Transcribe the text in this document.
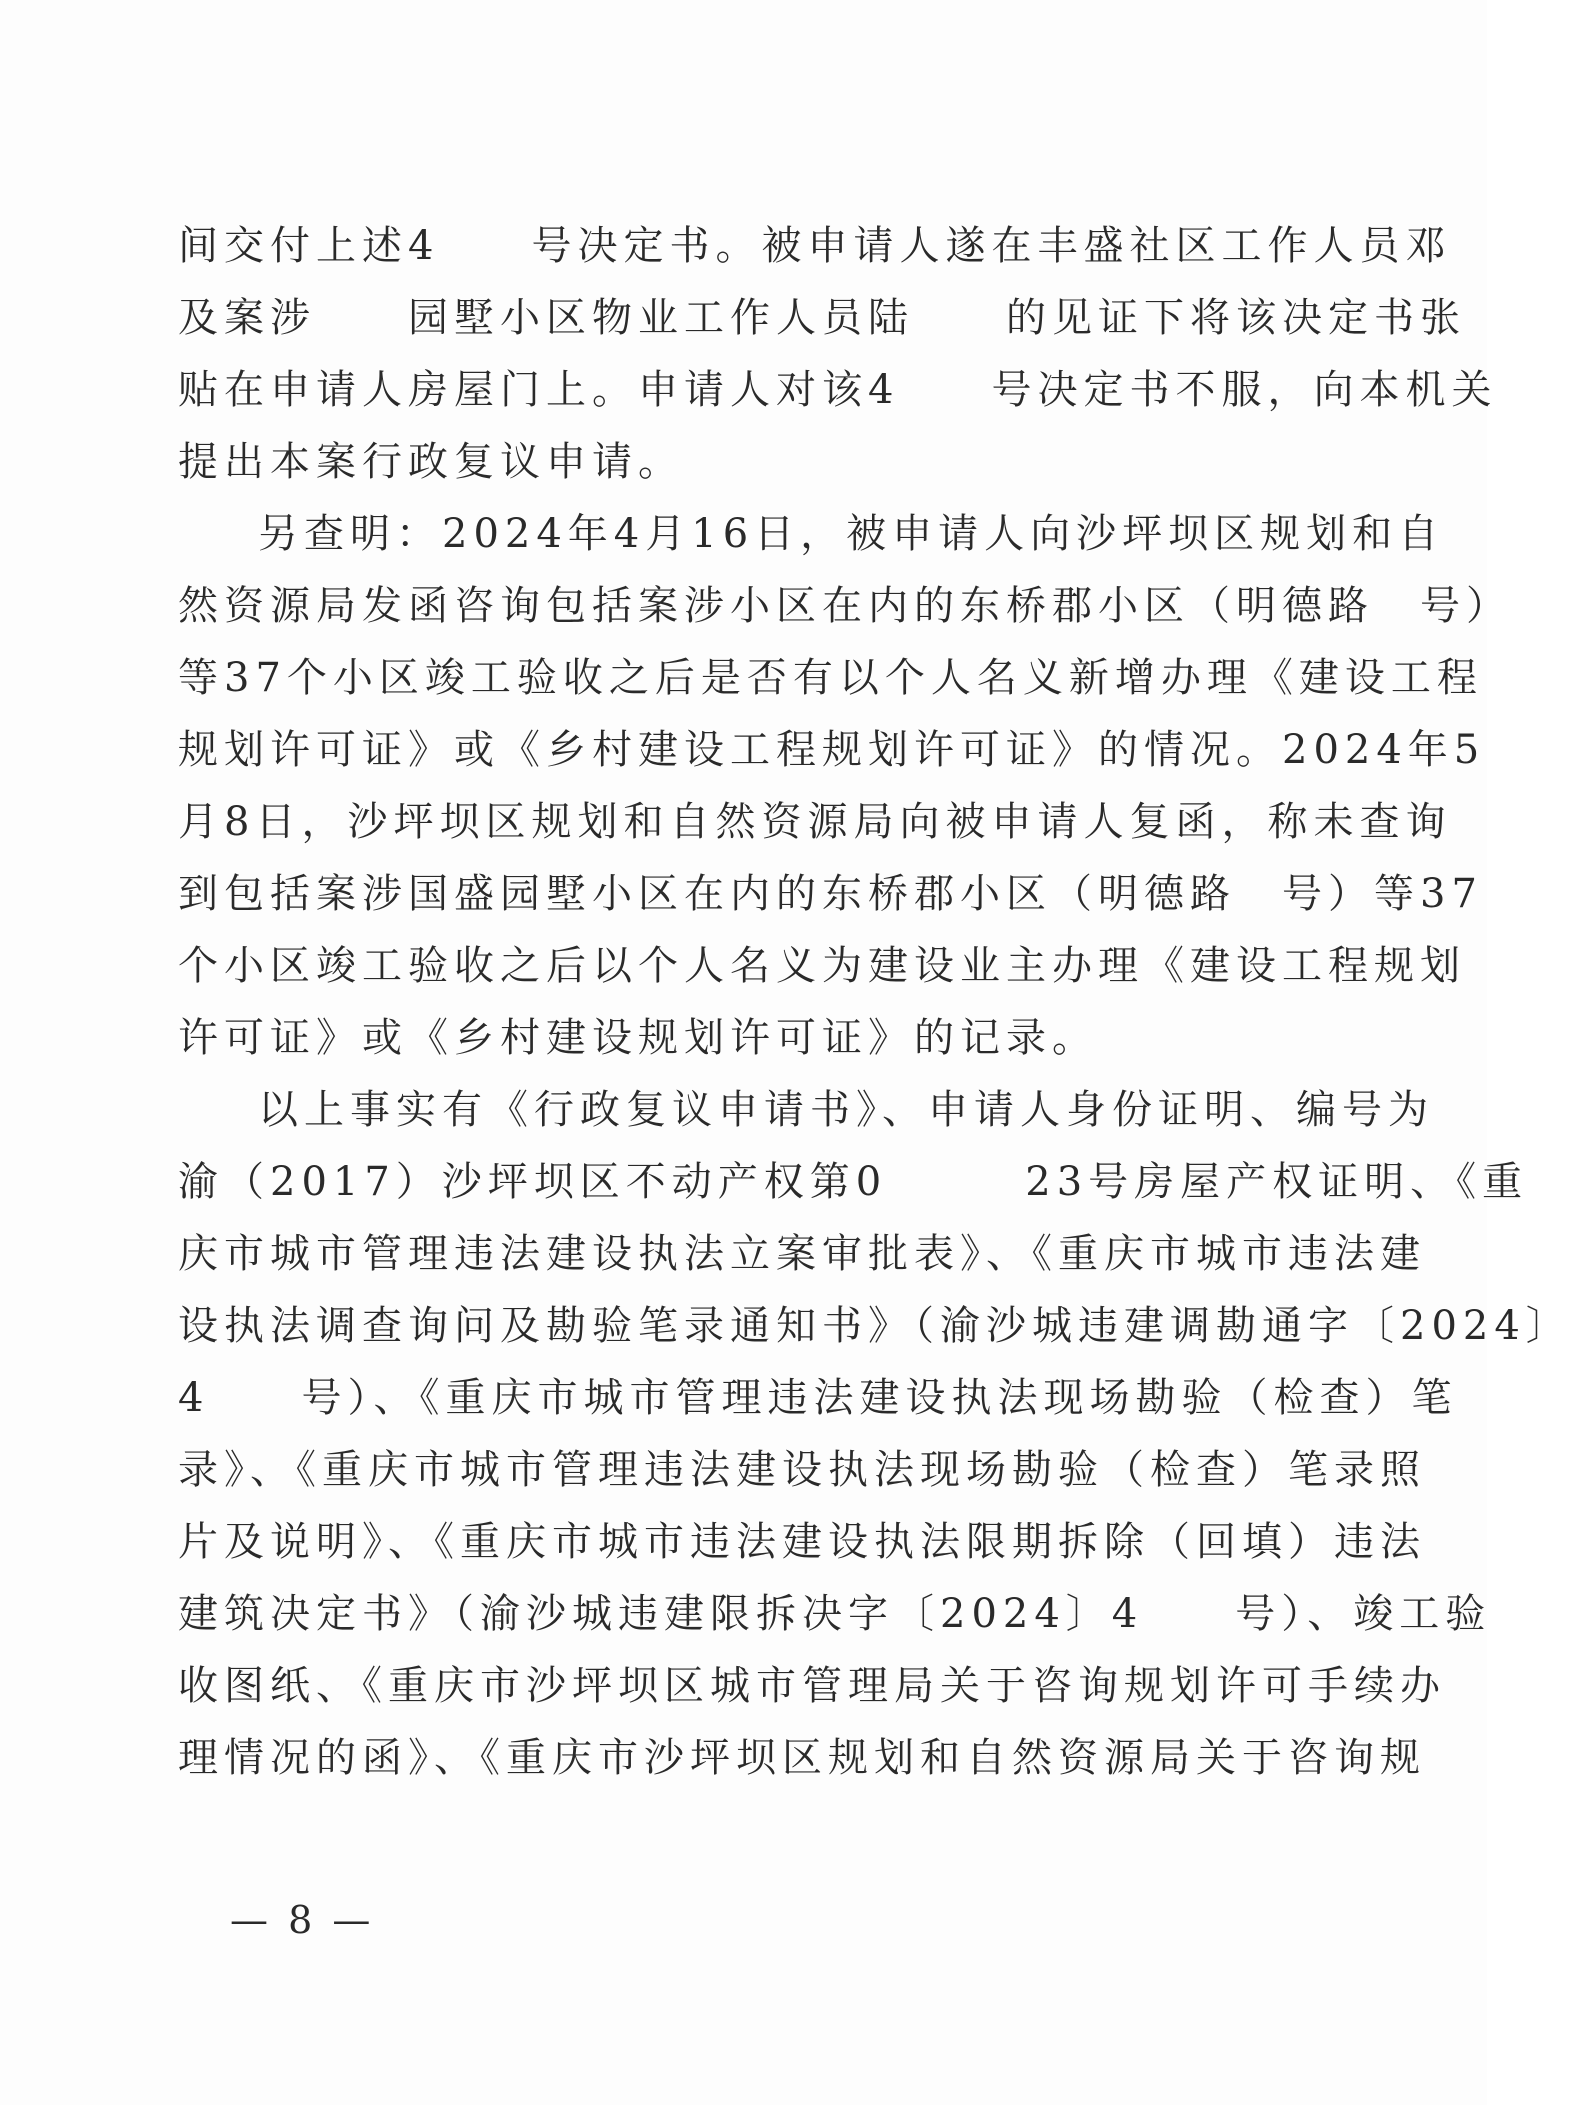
间交付上述4　　号决定书。被申请人遂在丰盛社区工作人员邓
及案涉　　园墅小区物业工作人员陆　　的见证下将该决定书张
贴在申请人房屋门上。申请人对该4　　号决定书不服，向本机关
提出本案行政复议申请。
另查明：2024年4月16日，被申请人向沙坪坝区规划和自
然资源局发函咨询包括案涉小区在内的东桥郡小区（明德路　号）
等37个小区竣工验收之后是否有以个人名义新增办理《建设工程
规划许可证》或《乡村建设工程规划许可证》的情况。2024年5
月8日，沙坪坝区规划和自然资源局向被申请人复函，称未查询
到包括案涉国盛园墅小区在内的东桥郡小区（明德路　号）等37
个小区竣工验收之后以个人名义为建设业主办理《建设工程规划
许可证》或《乡村建设规划许可证》的记录。
以上事实有《行政复议申请书》、申请人身份证明、编号为
渝（2017）沙坪坝区不动产权第0　　　23号房屋产权证明、《重
庆市城市管理违法建设执法立案审批表》、《重庆市城市违法建
设执法调查询问及勘验笔录通知书》（渝沙城违建调勘通字〔2024〕
4　　号）、《重庆市城市管理违法建设执法现场勘验（检查）笔
录》、《重庆市城市管理违法建设执法现场勘验（检查）笔录照
片及说明》、《重庆市城市违法建设执法限期拆除（回填）违法
建筑决定书》（渝沙城违建限拆决字〔2024〕4　　号）、竣工验
收图纸、《重庆市沙坪坝区城市管理局关于咨询规划许可手续办
理情况的函》、《重庆市沙坪坝区规划和自然资源局关于咨询规
— 8 —
